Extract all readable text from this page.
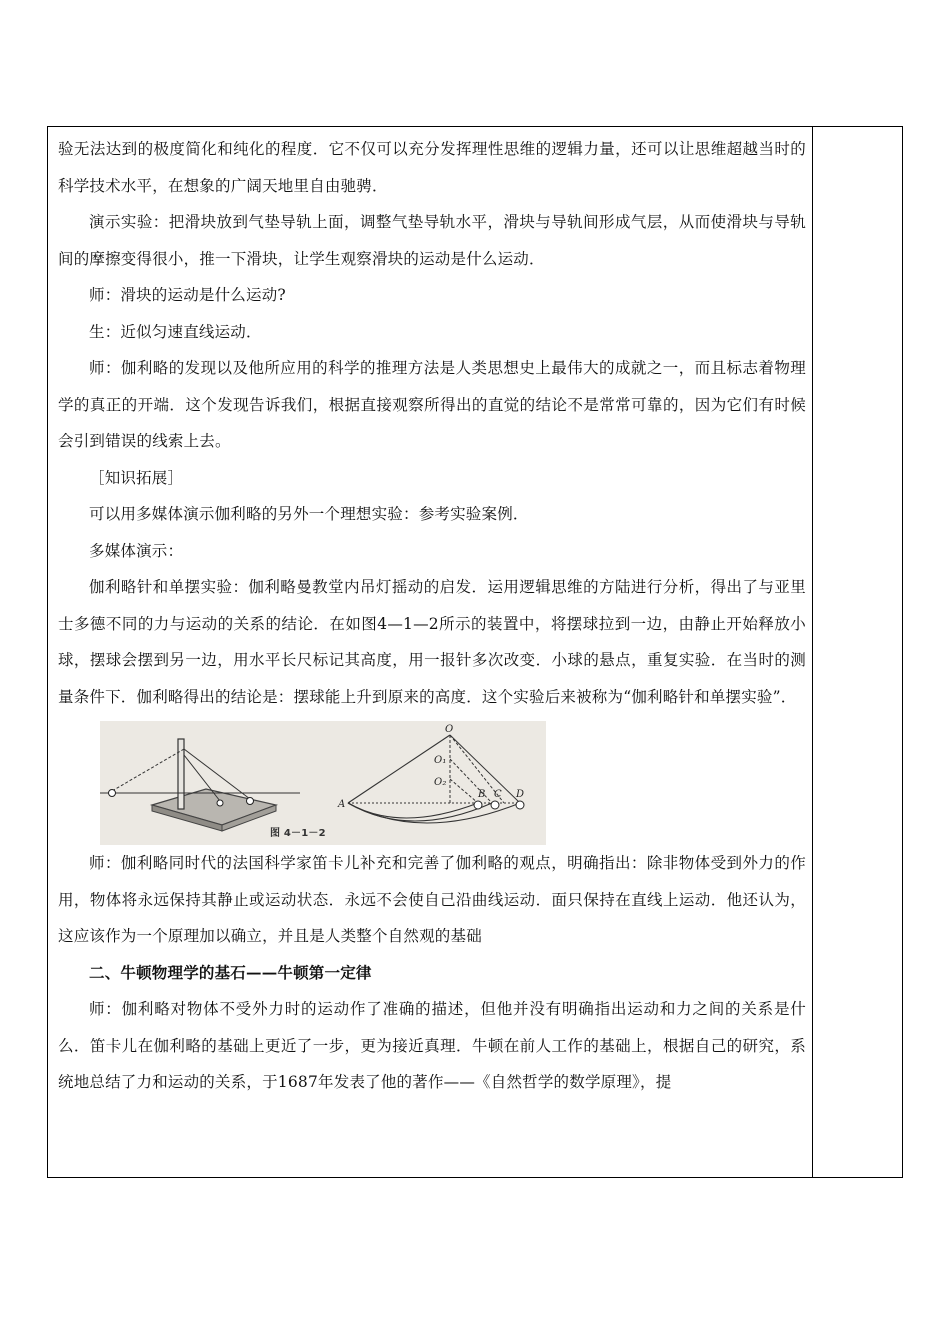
验无法达到的极度简化和纯化的程度．它不仅可以充分发挥理性思维的逻辑力量，还可以让思维超越当时的科学技术水平，在想象的广阔天地里自由驰骋．

演示实验：把滑块放到气垫导轨上面，调整气垫导轨水平，滑块与导轨间形成气层，从而使滑块与导轨间的摩擦变得很小，推一下滑块，让学生观察滑块的运动是什么运动．

师：滑块的运动是什么运动?

生：近似匀速直线运动．

师：伽利略的发现以及他所应用的科学的推理方法是人类思想史上最伟大的成就之一，而且标志着物理学的真正的开端．这个发现告诉我们，根据直接观察所得出的直觉的结论不是常常可靠的，因为它们有时候会引到错误的线索上去。

［知识拓展］

可以用多媒体演示伽利略的另外一个理想实验：参考实验案例．

多媒体演示：

伽利略针和单摆实验：伽利略曼教堂内吊灯摇动的启发．运用逻辑思维的方陆进行分析，得出了与亚里士多德不同的力与运动的关系的结论．在如图4—1—2所示的装置中，将摆球拉到一边，由静止开始释放小球，摆球会摆到另一边，用水平长尺标记其高度，用一报针多次改变．小球的悬点，重复实验．在当时的测量条件下．伽利略得出的结论是：摆球能上升到原来的高度．这个实验后来被称为“伽利略针和单摆实验”．

O
O₁
O₂
A
B C D
图 4－1－2

师：伽利略同时代的法国科学家笛卡儿补充和完善了伽利略的观点，明确指出：除非物体受到外力的作用，物体将永远保持其静止或运动状态．永远不会使自己沿曲线运动．面只保持在直线上运动．他还认为，这应该作为一个原理加以确立，并且是人类整个自然观的基础

二、牛顿物理学的基石——牛顿第一定律

师：伽利略对物体不受外力时的运动作了准确的描述，但他并没有明确指出运动和力之间的关系是什么．笛卡儿在伽利略的基础上更近了一步，更为接近真理．牛顿在前人工作的基础上，根据自己的研究，系统地总结了力和运动的关系，于1687年发表了他的著作——《自然哲学的数学原理》，提
